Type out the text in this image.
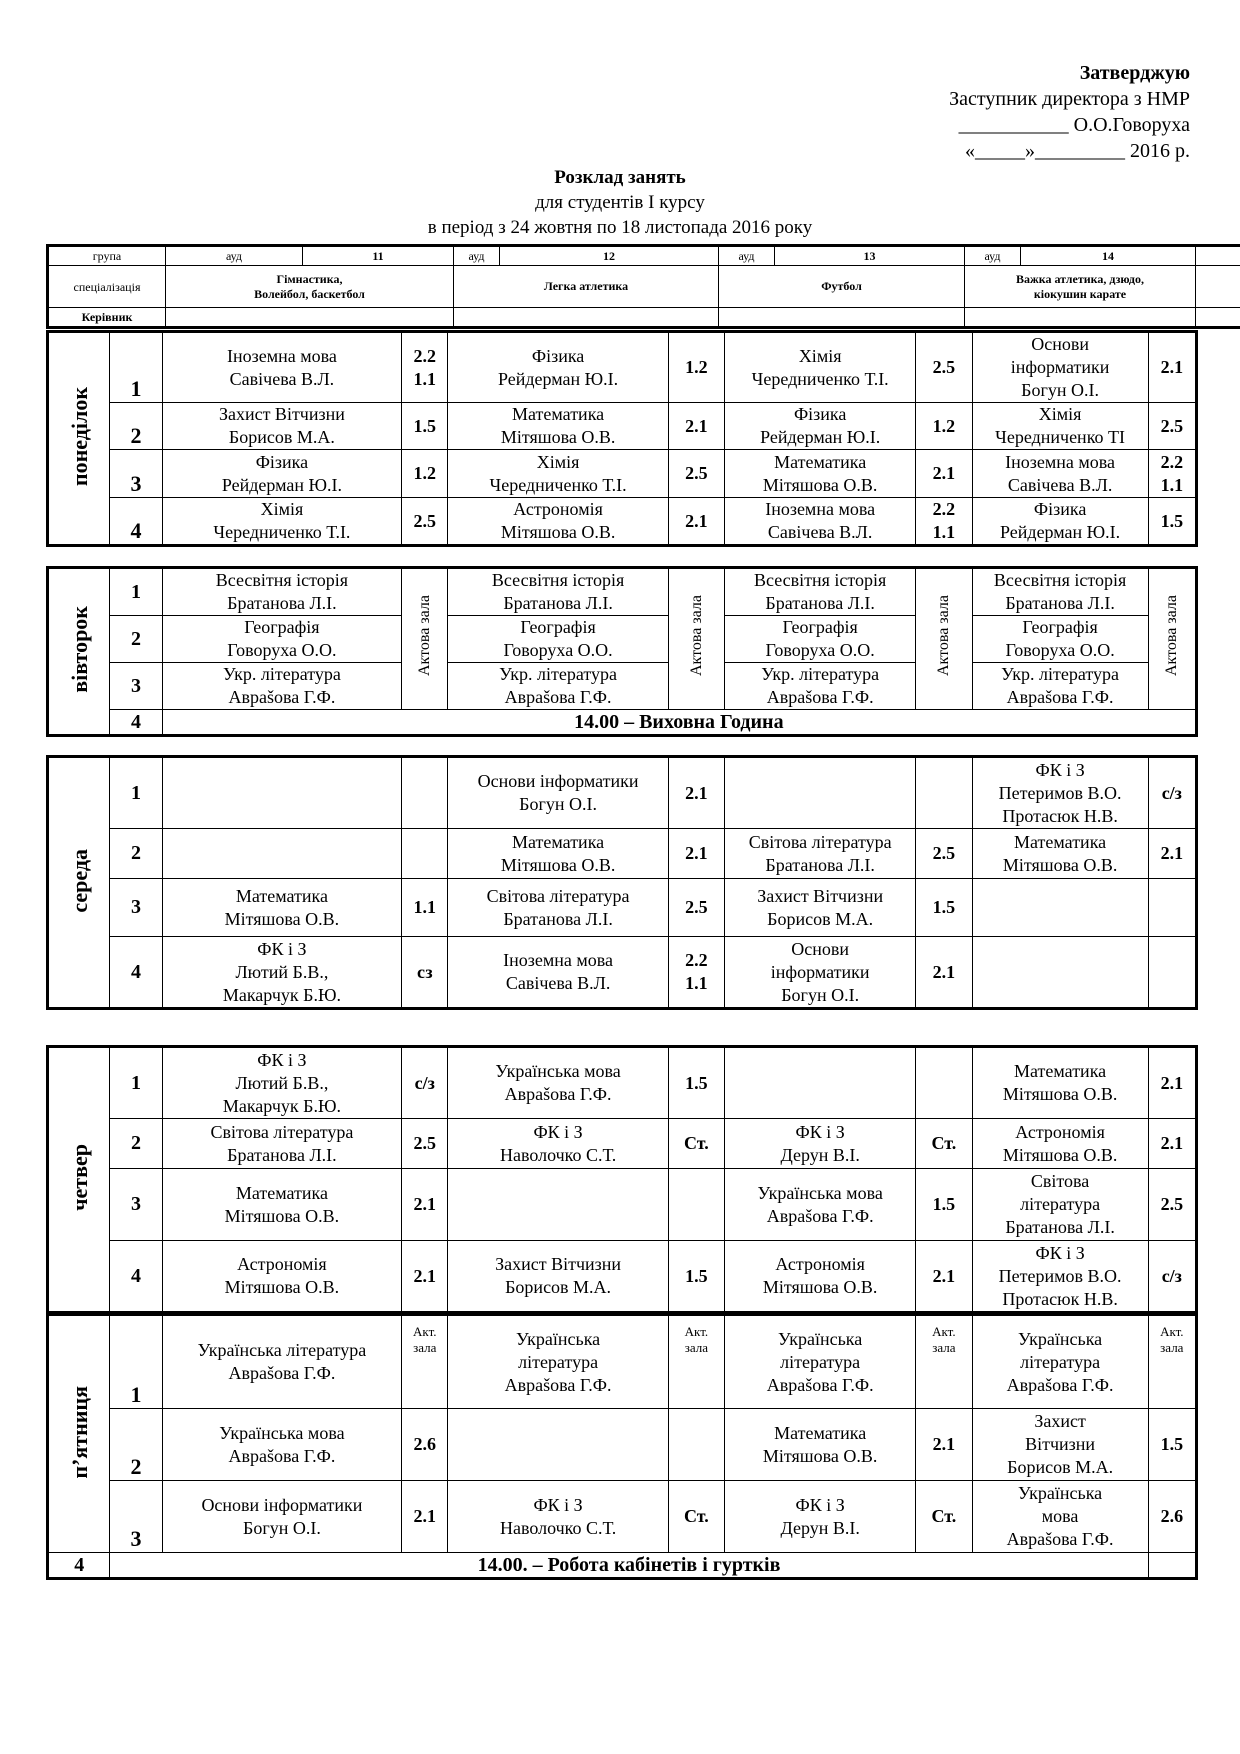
Затверджую
Заступник директора з НМР
___________ О.О.Говоруха
«_____»_________ 2016 р.
Розклад занять
для студентів І курсу
в період з 24 жовтня по 18 листопада 2016 року
група	ауд	11	ауд	12	ауд	13	ауд	14	
спеціалізація	Гімнастика,
Волейбол, баскетбол		Легка атлетика		Футбол		Важка атлетика, дзюдо,
кіокушин карате		
Керівник									
понеділок	1	Іноземна мова
Савічева В.Л.	2.2
1.1	Фізика
Рейдерман Ю.І.	1.2	Хімія
Чередниченко Т.І.	2.5	Основи
інформатики
Богун О.І.	2.1
	2	Захист Вітчизни
Борисов М.А.	1.5	Математика
Мітяшова О.В.	2.1	Фізика
Рейдерман Ю.І.	1.2	Хімія
Чередниченко ТІ	2.5
	3	Фізика
Рейдерман Ю.І.	1.2	Хімія
Чередниченко Т.І.	2.5	Математика
Мітяшова О.В.	2.1	Іноземна мова
Савічева В.Л.	2.2
1.1
	4	Хімія
Чередниченко Т.І.	2.5	Астрономія
Мітяшова О.В.	2.1	Іноземна мова
Савічева В.Л.	2.2
1.1	Фізика
Рейдерман Ю.І.	1.5
вівторок	1	Всесвітня історія
Братанова Л.І.	Актова зала	Всесвітня історія
Братанова Л.І.	Актова зала	Всесвітня історія
Братанова Л.І.	Актова зала	Всесвітня історія
Братанова Л.І.	Актова зала
	2	Географія
Говоруха О.О.		Географія
Говоруха О.О.		Географія
Говоруха О.О.		Географія
Говоруха О.О.	
	3	Укр. література
Авраšова Г.Ф.		Укр. література
Авраšова Г.Ф.		Укр. література
Авраšова Г.Ф.		Укр. література
Авраšова Г.Ф.	
	4	14.00 – Виховна Година							
середа	1			Основи інформатики
Богун О.І.	2.1			ФК і З
Петеримов В.О.
Протасюк Н.В.	с/з
	2			Математика
Мітяшова О.В.	2.1	Світова література
Братанова Л.І.	2.5	Математика
Мітяшова О.В.	2.1
	3	Математика
Мітяшова О.В.	1.1	Світова література
Братанова Л.І.	2.5	Захист Вітчизни
Борисов М.А.	1.5		
	4	ФК і З
Лютий Б.В.,
Макарчук Б.Ю.	сз	Іноземна мова
Савічева В.Л.	2.2
1.1	Основи
інформатики
Богун О.І.	2.1		
четвер	1	ФК і З
Лютий Б.В.,
Макарчук Б.Ю.	с/з	Українська мова
Авраšова Г.Ф.	1.5			Математика
Мітяшова О.В.	2.1
	2	Світова література
Братанова Л.І.	2.5	ФК і З
Наволочко С.Т.	Ст.	ФК і З
Дерун В.І.	Ст.	Астрономія
Мітяшова О.В.	2.1
	3	Математика
Мітяшова О.В.	2.1			Українська мова
Авраšова Г.Ф.	1.5	Світова
література
Братанова Л.І.	2.5
	4	Астрономія
Мітяшова О.В.	2.1	Захист Вітчизни
Борисов М.А.	1.5	Астрономія
Мітяшова О.В.	2.1	ФК і З
Петеримов В.О.
Протасюк Н.В.	с/з
п’ятниця	1	Українська література
Авраšова Г.Ф.	Акт.
зала	Українська
література
Авраšова Г.Ф.	Акт.
зала	Українська
література
Авраšова Г.Ф.	Акт.
зала	Українська
література
Авраšова Г.Ф.	Акт.
зала
	2	Українська мова
Авраšова Г.Ф.	2.6			Математика
Мітяшова О.В.	2.1	Захист
Вітчизни
Борисов М.А.	1.5
	3	Основи інформатики
Богун О.І.	2.1	ФК і З
Наволочко С.Т.	Ст.	ФК і З
Дерун В.І.	Ст.	Українська
мова
Авраšова Г.Ф.	2.6
4	14.00. – Робота кабінетів і гуртків								
